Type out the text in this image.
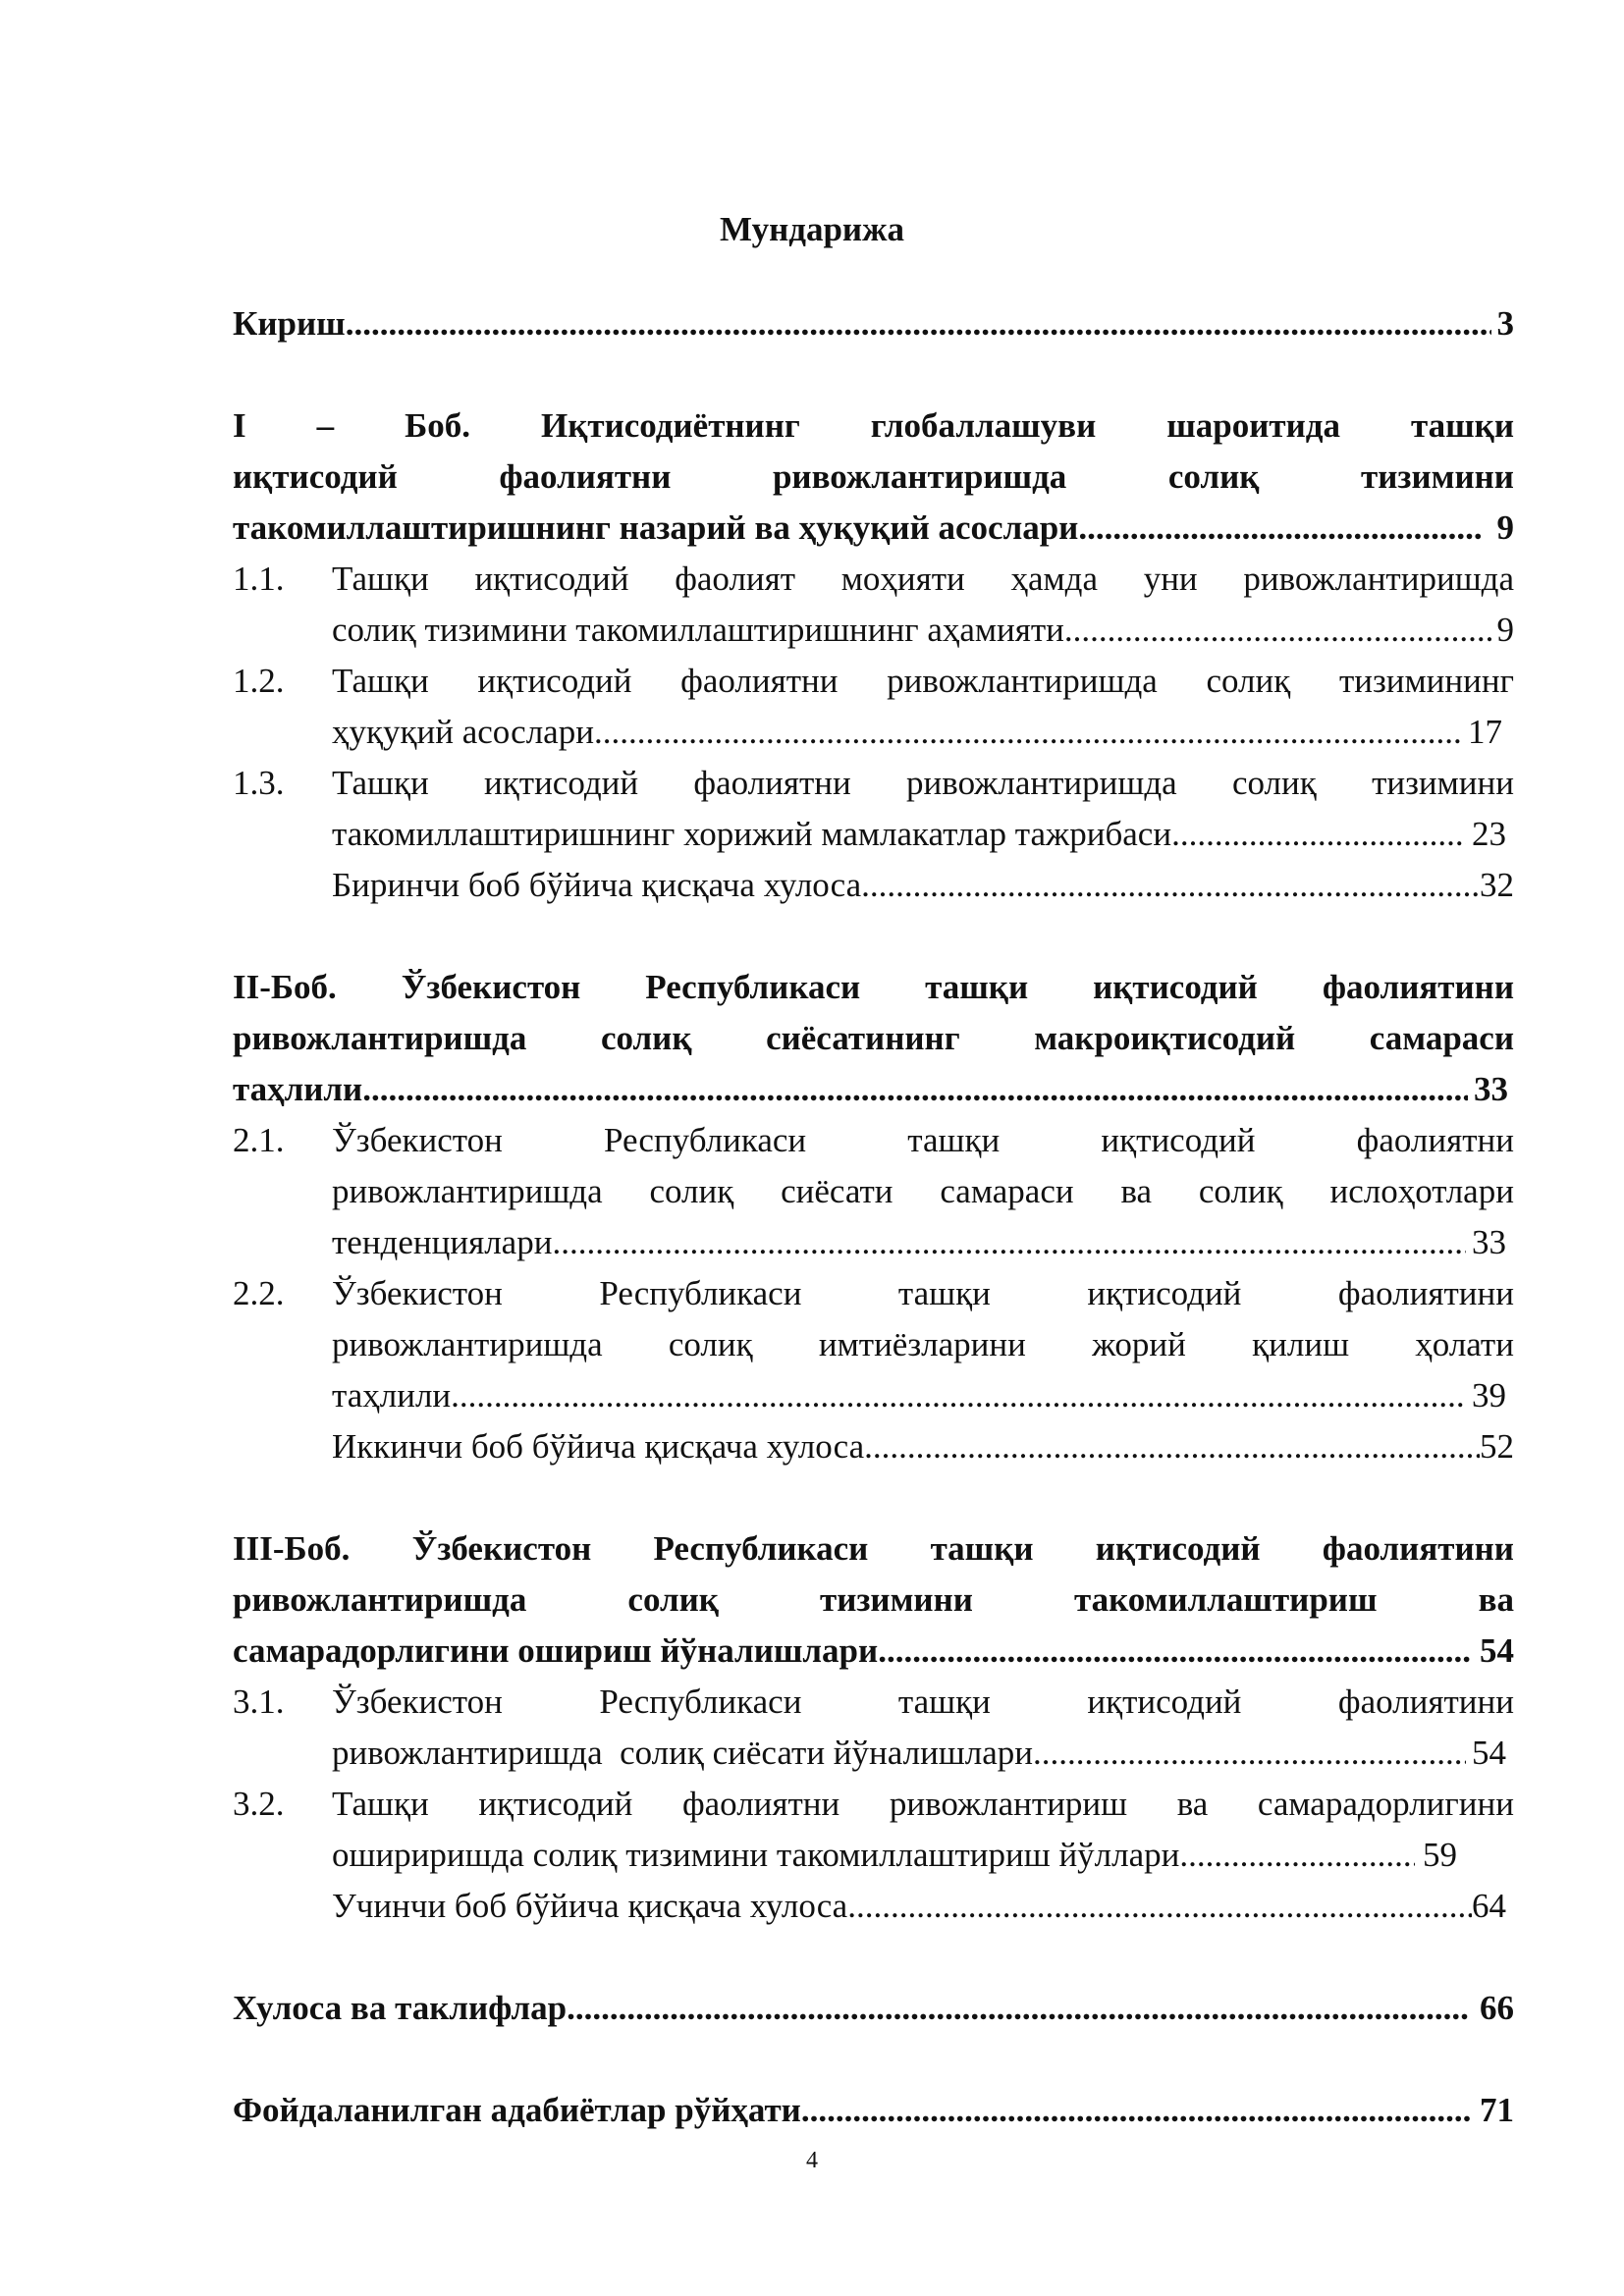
Мундарижа
Кириш .....	3
I – Боб. Иқтисодиётнинг глобаллашуви шароитида ташқи
иқтисодий	фаолиятни	ривожлантиришда	солиқ	тизимини
такомиллаштиришнинг назарий ва ҳуқуқий асослари .....	9
1.1. Ташқи иқтисодий фаолият моҳияти ҳамда уни ривожлантиришда
солиқ тизимини такомиллаштиришнинг аҳамияти .....	9
1.2. Ташқи иқтисодий фаолиятни ривожлантиришда солиқ тизимининг
ҳуқуқий асослари .....	17
1.3. Ташқи иқтисодий фаолиятни ривожлантиришда солиқ тизимини
такомиллаштиришнинг хорижий мамлакатлар тажрибаси .....	23
Биринчи боб бўйича қисқача хулоса .....	32
II-Боб. Ўзбекистон Республикаси ташқи иқтисодий фаолиятини
ривожлантиришда солиқ сиёсатининг макроиқтисодий самараси
таҳлили .....	33
2.1. Ўзбекистон	Республикаси	ташқи	иқтисодий	фаолиятни
ривожлантиришда солиқ сиёсати самараси ва солиқ ислоҳотлари
тенденциялари .....	33
2.2. Ўзбекистон	Республикаси	ташқи	иқтисодий	фаолиятини
ривожлантиришда солиқ имтиёзларини жорий қилиш ҳолати
таҳлили .....	39
Иккинчи боб бўйича қисқача хулоса .....	52
III-Боб. Ўзбекистон Республикаси ташқи иқтисодий фаолиятини
ривожлантиришда	солиқ	тизимини	такомиллаштириш	ва
самарадорлигини ошириш йўналишлари .....	54
3.1. Ўзбекистон	Республикаси	ташқи	иқтисодий	фаолиятини
ривожлантиришда  солиқ сиёсати йўналишлари .....	54
3.2. Ташқи иқтисодий фаолиятни ривожлантириш ва самарадорлигини
ошириришда солиқ тизимини такомиллаштириш йўллари .....	59
Учинчи боб бўйича қисқача хулоса .....	64
Хулоса ва таклифлар .....	66
Фойдаланилган адабиётлар рўйҳати .....	71
4
